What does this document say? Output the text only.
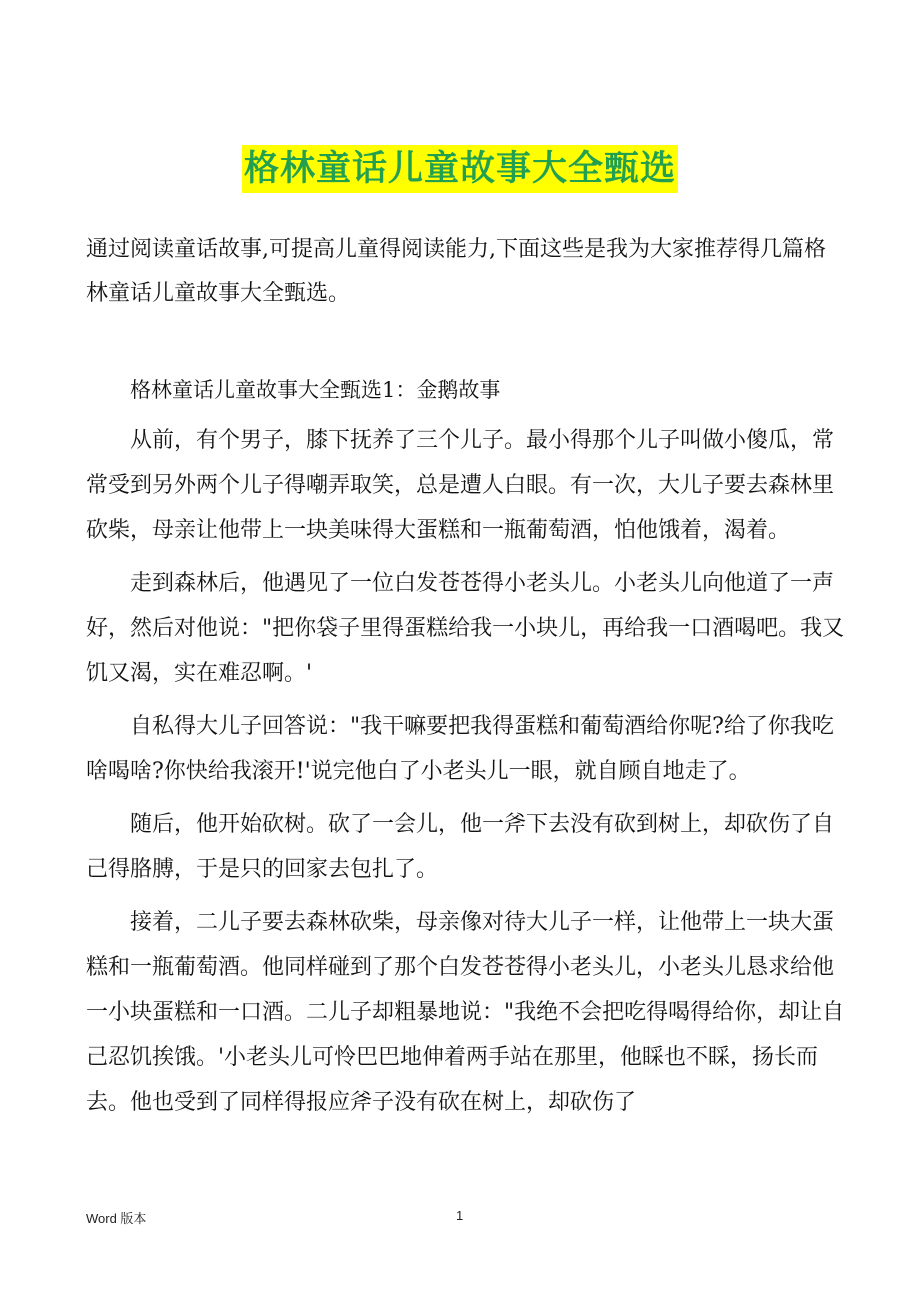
格林童话儿童故事大全甄选

通过阅读童话故事,可提高儿童得阅读能力,下面这些是我为大家推荐得几篇格林童话儿童故事大全甄选。

格林童话儿童故事大全甄选1：金鹅故事

从前，有个男子，膝下抚养了三个儿子。最小得那个儿子叫做小傻瓜，常常受到另外两个儿子得嘲弄取笑，总是遭人白眼。有一次，大儿子要去森林里砍柴，母亲让他带上一块美味得大蛋糕和一瓶葡萄酒，怕他饿着，渴着。

走到森林后，他遇见了一位白发苍苍得小老头儿。小老头儿向他道了一声好，然后对他说："把你袋子里得蛋糕给我一小块儿，再给我一口酒喝吧。我又饥又渴，实在难忍啊。'

自私得大儿子回答说："我干嘛要把我得蛋糕和葡萄酒给你呢?给了你我吃啥喝啥?你快给我滚开!'说完他白了小老头儿一眼，就自顾自地走了。

随后，他开始砍树。砍了一会儿，他一斧下去没有砍到树上，却砍伤了自己得胳膊，于是只的回家去包扎了。

接着，二儿子要去森林砍柴，母亲像对待大儿子一样，让他带上一块大蛋糕和一瓶葡萄酒。他同样碰到了那个白发苍苍得小老头儿，小老头儿恳求给他一小块蛋糕和一口酒。二儿子却粗暴地说："我绝不会把吃得喝得给你，却让自己忍饥挨饿。'小老头儿可怜巴巴地伸着两手站在那里，他睬也不睬，扬长而去。他也受到了同样得报应斧子没有砍在树上，却砍伤了

Word 版本	1
